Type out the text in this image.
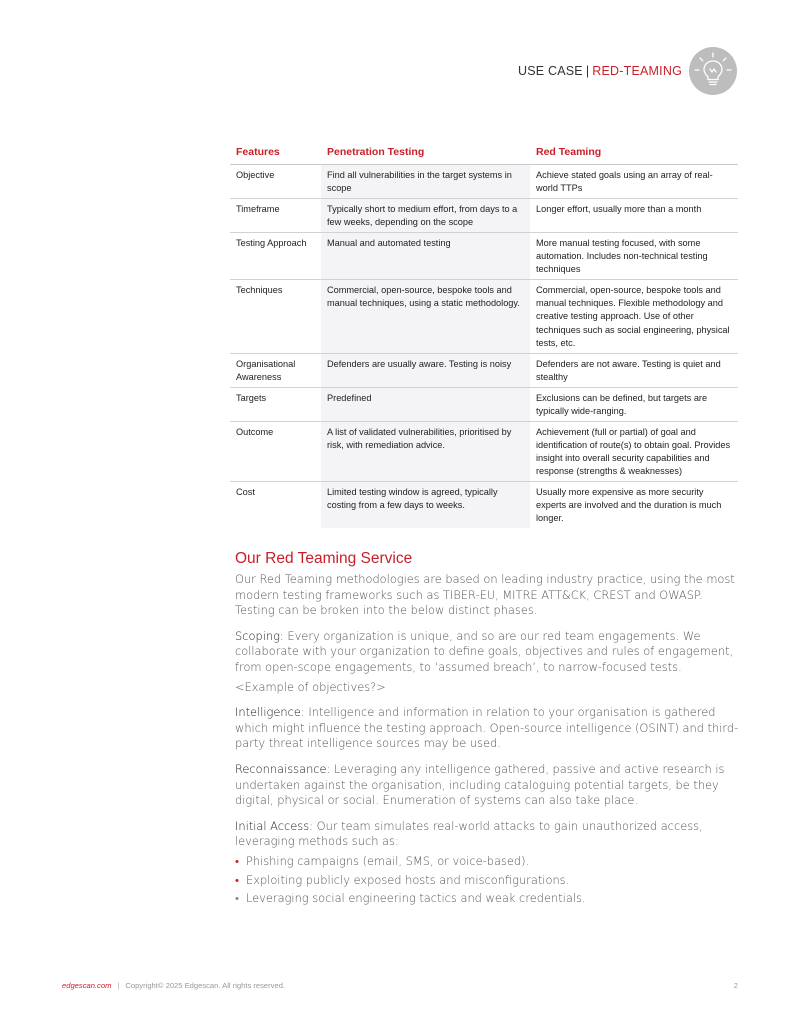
USE CASE | RED-TEAMING
Features	Penetration Testing	Red Teaming
Objective	Find all vulnerabilities in the target systems in scope	Achieve stated goals using an array of real-world TTPs
Timeframe	Typically short to medium effort, from days to a few weeks, depending on the scope	Longer effort, usually more than a month
Testing Approach	Manual and automated testing	More manual testing focused, with some automation. Includes non-technical testing techniques
Techniques	Commercial, open-source, bespoke tools and manual techniques, using a static methodology.	Commercial, open-source, bespoke tools and manual techniques. Flexible methodology and creative testing approach. Use of other techniques such as social engineering, physical tests, etc.
Organisational Awareness	Defenders are usually aware. Testing is noisy	Defenders are not aware. Testing is quiet and stealthy
Targets	Predefined	Exclusions can be defined, but targets are typically wide-ranging.
Outcome	A list of validated vulnerabilities, prioritised by risk, with remediation advice.	Achievement (full or partial) of goal and identification of route(s) to obtain goal. Provides insight into overall security capabilities and response (strengths & weaknesses)
Cost	Limited testing window is agreed, typically costing from a few days to weeks.	Usually more expensive as more security experts are involved and the duration is much longer.
Our Red Teaming Service

Our Red Teaming methodologies are based on leading industry practice, using the most modern testing frameworks such as TIBER-EU, MITRE ATT&CK, CREST and OWASP. Testing can be broken into the below distinct phases.

Scoping: Every organization is unique, and so are our red team engagements. We collaborate with your organization to define goals, objectives and rules of engagement, from open-scope engagements, to ‘assumed breach’, to narrow-focused tests.

<Example of objectives?>

Intelligence: Intelligence and information in relation to your organisation is gathered which might influence the testing approach. Open-source intelligence (OSINT) and third-party threat intelligence sources may be used.

Reconnaissance: Leveraging any intelligence gathered, passive and active research is undertaken against the organisation, including cataloguing potential targets, be they digital, physical or social. Enumeration of systems can also take place.

Initial Access: Our team simulates real-world attacks to gain unauthorized access, leveraging methods such as:

• Phishing campaigns (email, SMS, or voice-based).
• Exploiting publicly exposed hosts and misconfigurations.
• Leveraging social engineering tactics and weak credentials.
edgescan.com | Copyright© 2025 Edgescan. All rights reserved.	2
